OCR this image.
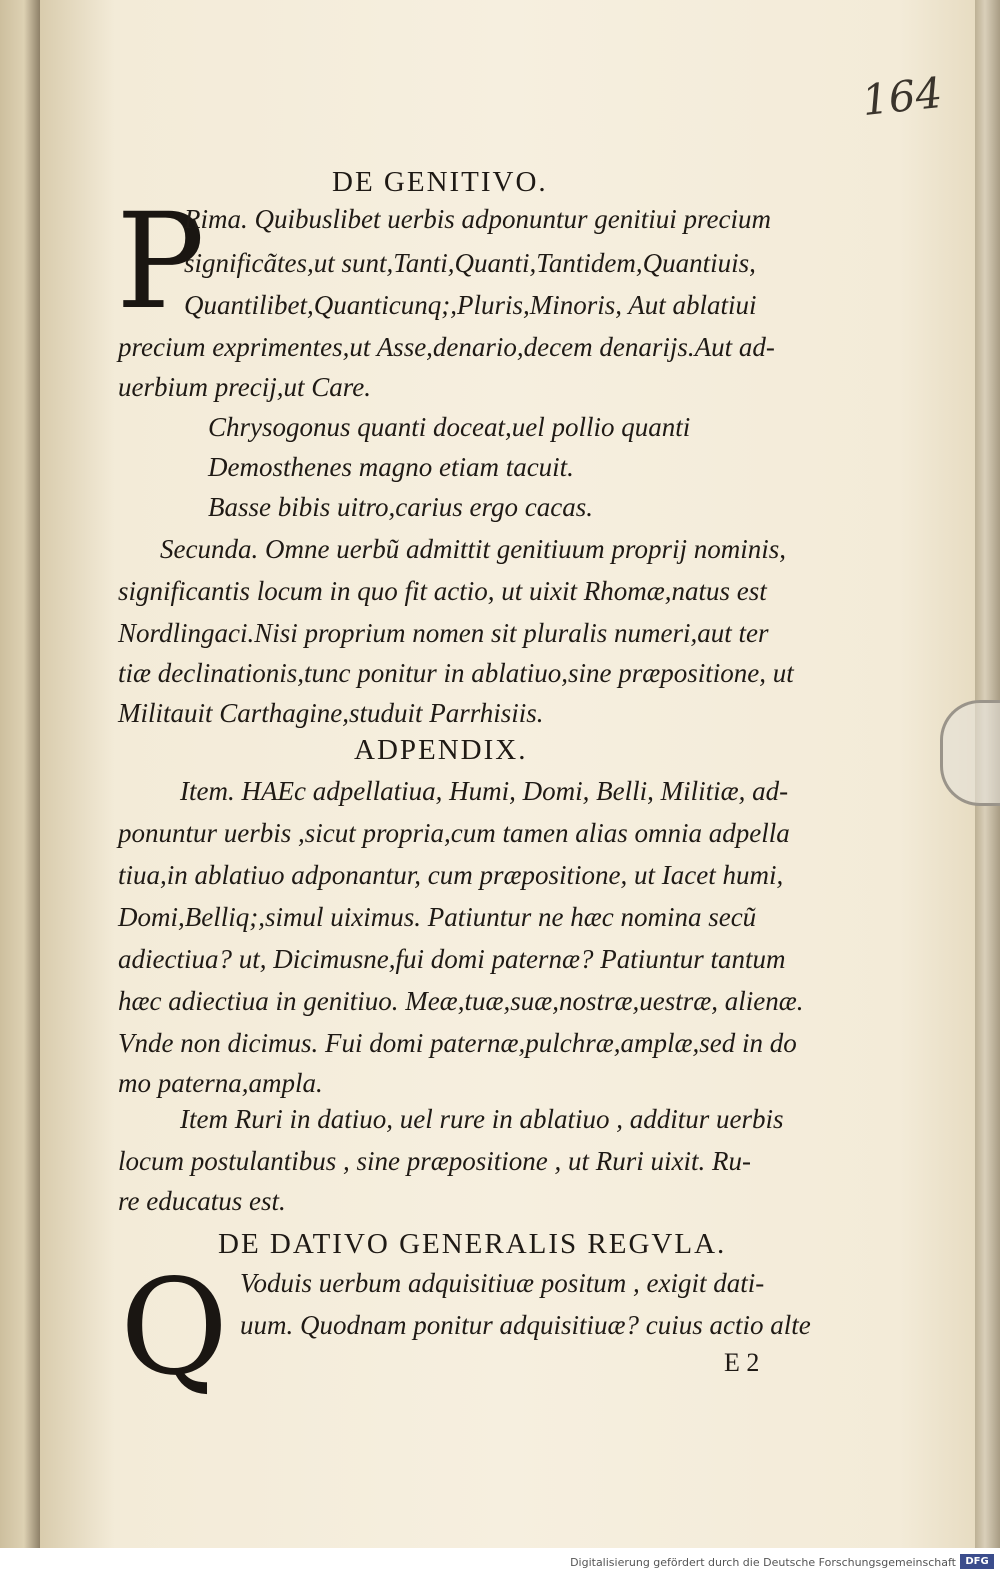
164
DE GENITIVO.
P
Rima. Quibuslibet uerbis adponuntur genitiui precium
significãtes,ut sunt,Tanti,Quanti,Tantidem,Quantiuis,
Quantilibet,Quanticunq;,Pluris,Minoris, Aut ablatiui
precium exprimentes,ut Asse,denario,decem denarijs.Aut ad-
uerbium precij,ut Care.
Chrysogonus quanti doceat,uel pollio quanti
Demosthenes magno etiam tacuit.
Basse bibis uitro,carius ergo cacas.
Secunda. Omne uerbũ admittit genitiuum proprij nominis,
significantis locum in quo fit actio, ut uixit Rhomæ,natus est
Nordlingaci.Nisi proprium nomen sit pluralis numeri,aut ter
tiæ declinationis,tunc ponitur in ablatiuo,sine præpositione, ut
Militauit Carthagine,studuit Parrhisiis.
ADPENDIX.
Item. HAEc adpellatiua, Humi, Domi, Belli, Militiæ, ad-
ponuntur uerbis ,sicut propria,cum tamen alias omnia adpella
tiua,in ablatiuo adponantur, cum præpositione, ut Iacet humi,
Domi,Belliq;,simul uiximus. Patiuntur ne hæc nomina secũ
adiectiua? ut, Dicimusne,fui domi paternæ? Patiuntur tantum
hæc adiectiua in genitiuo. Meæ,tuæ,suæ,nostræ,uestræ, alienæ.
Vnde non dicimus. Fui domi paternæ,pulchræ,amplæ,sed in do
mo paterna,ampla.
Item Ruri in datiuo, uel rure in ablatiuo , additur uerbis
locum postulantibus , sine præpositione , ut Ruri uixit. Ru-
re educatus est.
DE DATIVO GENERALIS REGVLA.
Q Voduis uerbum adquisitiuæ positum , exigit dati-
uum. Quodnam ponitur adquisitiuæ? cuius actio alte
E 2
Digitalisierung gefördert durch die Deutsche Forschungsgemeinschaft DFG
